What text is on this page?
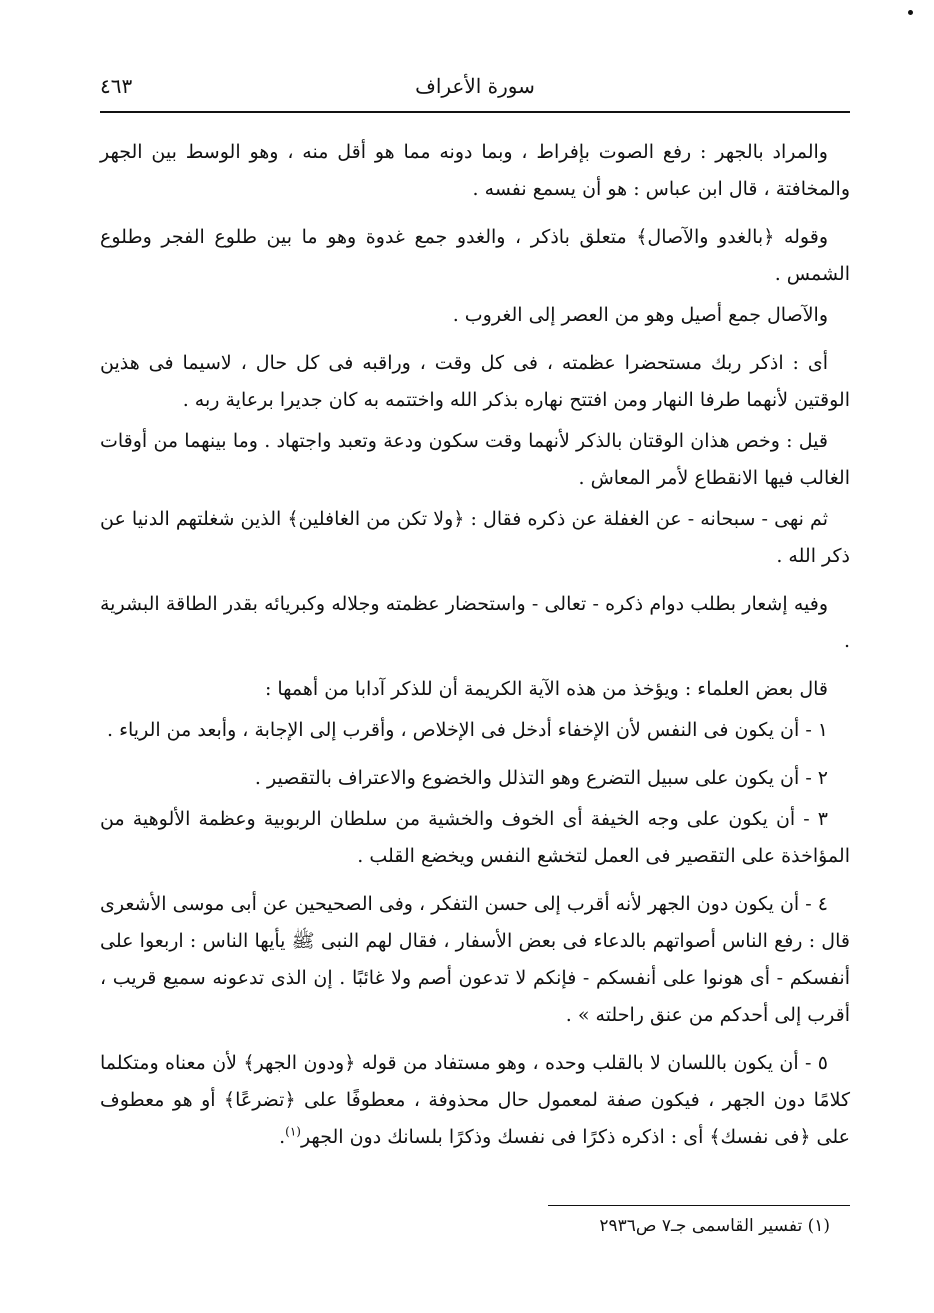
سورة الأعراف
٤٦٣

والمراد بالجهر : رفع الصوت بإفراط ، وبما دونه مما هو أقل منه ، وهو الوسط بين الجهر والمخافتة ، قال ابن عباس : هو أن يسمع نفسه .

وقوله ﴿بالغدو والآصال﴾ متعلق باذكر ، والغدو جمع غدوة وهو ما بين طلوع الفجر وطلوع الشمس .

والآصال جمع أصيل وهو من العصر إلى الغروب .

أى : اذكر ربك مستحضرا عظمته ، فى كل وقت ، وراقبه فى كل حال ، لاسيما فى هذين الوقتين لأنهما طرفا النهار ومن افتتح نهاره بذكر الله واختتمه به كان جديرا برعاية ربه .

قيل : وخص هذان الوقتان بالذكر لأنهما وقت سكون ودعة وتعبد واجتهاد . وما بينهما من أوقات الغالب فيها الانقطاع لأمر المعاش .

ثم نهى - سبحانه - عن الغفلة عن ذكره فقال : ﴿ولا تكن من الغافلين﴾ الذين شغلتهم الدنيا عن ذكر الله .

وفيه إشعار بطلب دوام ذكره - تعالى - واستحضار عظمته وجلاله وكبريائه بقدر الطاقة البشرية .

قال بعض العلماء : ويؤخذ من هذه الآية الكريمة أن للذكر آدابا من أهمها :

١ - أن يكون فى النفس لأن الإخفاء أدخل فى الإخلاص ، وأقرب إلى الإجابة ، وأبعد من الرياء .

٢ - أن يكون على سبيل التضرع وهو التذلل والخضوع والاعتراف بالتقصير .

٣ - أن يكون على وجه الخيفة أى الخوف والخشية من سلطان الربوبية وعظمة الألوهية من المؤاخذة على التقصير فى العمل لتخشع النفس ويخضع القلب .

٤ - أن يكون دون الجهر لأنه أقرب إلى حسن التفكر ، وفى الصحيحين عن أبى موسى الأشعرى قال : رفع الناس أصواتهم بالدعاء فى بعض الأسفار ، فقال لهم النبى ﷺ يأيها الناس : اربعوا على أنفسكم - أى هونوا على أنفسكم - فإنكم لا تدعون أصم ولا غائبًا . إن الذى تدعونه سميع قريب ، أقرب إلى أحدكم من عنق راحلته » .

٥ - أن يكون باللسان لا بالقلب وحده ، وهو مستفاد من قوله ﴿ودون الجهر﴾ لأن معناه ومتكلما كلامًا دون الجهر ، فيكون صفة لمعمول حال محذوفة ، معطوفًا على ﴿تضرعًا﴾ أو هو معطوف على ﴿فى نفسك﴾ أى : اذكره ذكرًا فى نفسك وذكرًا بلسانك دون الجهر$^{(١)}$.

(١) تفسير القاسمى جـ٧ ص٢٩٣٦
